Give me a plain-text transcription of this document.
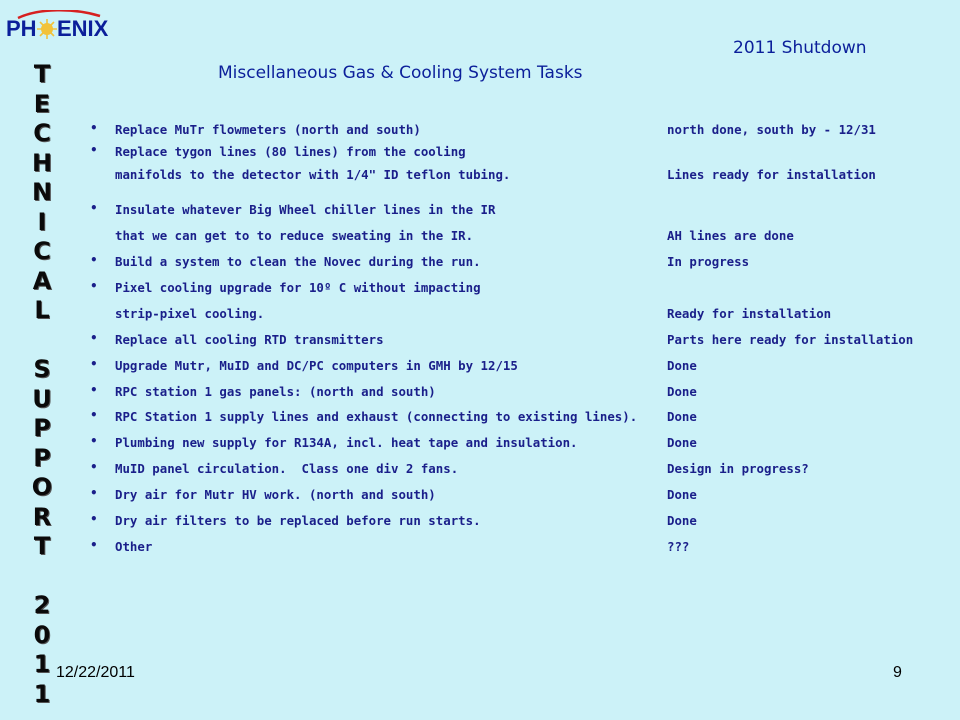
PH ENIX
T
E
C
H
N
I
C
A
L

S
U
P
P
O
R
T

2
0
1
1
2011 Shutdown
Miscellaneous Gas & Cooling System Tasks
• Replace MuTr flowmeters (north and south)	north done, south by - 12/31
• Replace tygon lines (80 lines) from the cooling
manifolds to the detector with 1/4" ID teflon tubing.	Lines ready for installation
• Insulate whatever Big Wheel chiller lines in the IR
that we can get to to reduce sweating in the IR.	AH lines are done
• Build a system to clean the Novec during the run.	In progress
• Pixel cooling upgrade for 10º C without impacting
strip-pixel cooling.	Ready for installation
• Replace all cooling RTD transmitters	Parts here ready for installation
• Upgrade Mutr, MuID and DC/PC computers in GMH by 12/15	Done
• RPC station 1 gas panels: (north and south)	Done
• RPC Station 1 supply lines and exhaust (connecting to existing lines). Done
• Plumbing new supply for R134A, incl. heat tape and insulation.	Done
• MuID panel circulation.  Class one div 2 fans.	Design in progress?
• Dry air for Mutr HV work. (north and south)	Done
• Dry air filters to be replaced before run starts.	Done
• Other	???
12/22/2011	9
